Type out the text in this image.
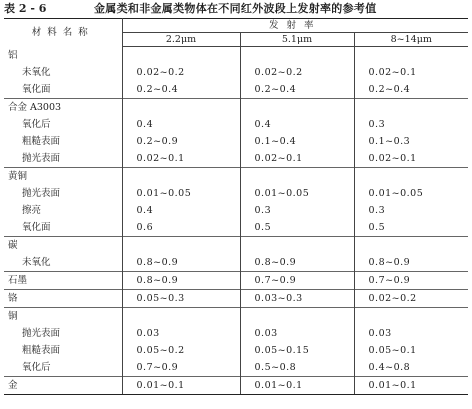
表 2 - 6	金属类和非金属类物体在不同红外波段上发射率的参考值
材料名称	发射率		
	2.2μm	5.1μm	8~14μm
铝			
未氧化	0.02~0.2	0.02~0.2	0.02~0.1
氧化面	0.2~0.4	0.2~0.4	0.2~0.4
合金 A3003			
氧化后	0.4	0.4	0.3
粗糙表面	0.2~0.9	0.1~0.4	0.1~0.3
抛光表面	0.02~0.1	0.02~0.1	0.02~0.1
黄铜			
抛光表面	0.01~0.05	0.01~0.05	0.01~0.05
擦亮	0.4	0.3	0.3
氧化面	0.6	0.5	0.5
碳			
未氧化	0.8~0.9	0.8~0.9	0.8~0.9
石墨	0.8~0.9	0.7~0.9	0.7~0.9
铬	0.05~0.3	0.03~0.3	0.02~0.2
铜			
抛光表面	0.03	0.03	0.03
粗糙表面	0.05~0.2	0.05~0.15	0.05~0.1
氧化后	0.7~0.9	0.5~0.8	0.4~0.8
金	0.01~0.1	0.01~0.1	0.01~0.1
